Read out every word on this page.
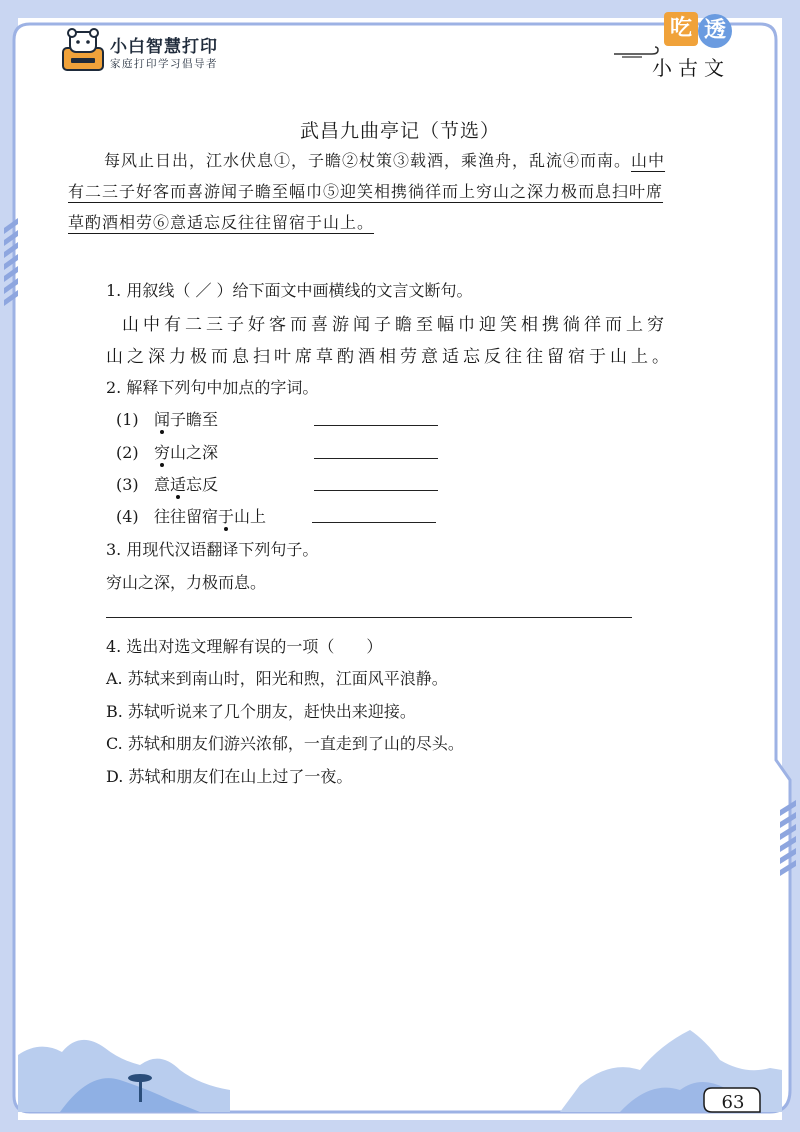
小白智慧打印
家庭打印学习倡导者
吃 透
小古文
武昌九曲亭记（节选）
每风止日出，江水伏息①，子瞻②杖策③载酒，乘渔舟，乱流④而南。山中
有二三子好客而喜游闻子瞻至幅巾⑤迎笑相携徜徉而上穷山之深力极而息扫叶席
草酌酒相劳⑥意适忘反往往留宿于山上。
1. 用叙线（ ／ ）给下面文中画横线的文言文断句。
山中有二三子好客而喜游闻子瞻至幅巾迎笑相携徜徉而上穷
山之深力极而息扫叶席草酌酒相劳意适忘反往往留宿于山上。
2. 解释下列句中加点的字词。
(1) 闻子瞻至
(2) 穷山之深
(3) 意适忘反
(4) 往往留宿于山上
3. 用现代汉语翻译下列句子。
穷山之深，力极而息。
4. 选出对选文理解有误的一项（　　）
A. 苏轼来到南山时，阳光和煦，江面风平浪静。
B. 苏轼听说来了几个朋友，赶快出来迎接。
C. 苏轼和朋友们游兴浓郁，一直走到了山的尽头。
D. 苏轼和朋友们在山上过了一夜。
63
